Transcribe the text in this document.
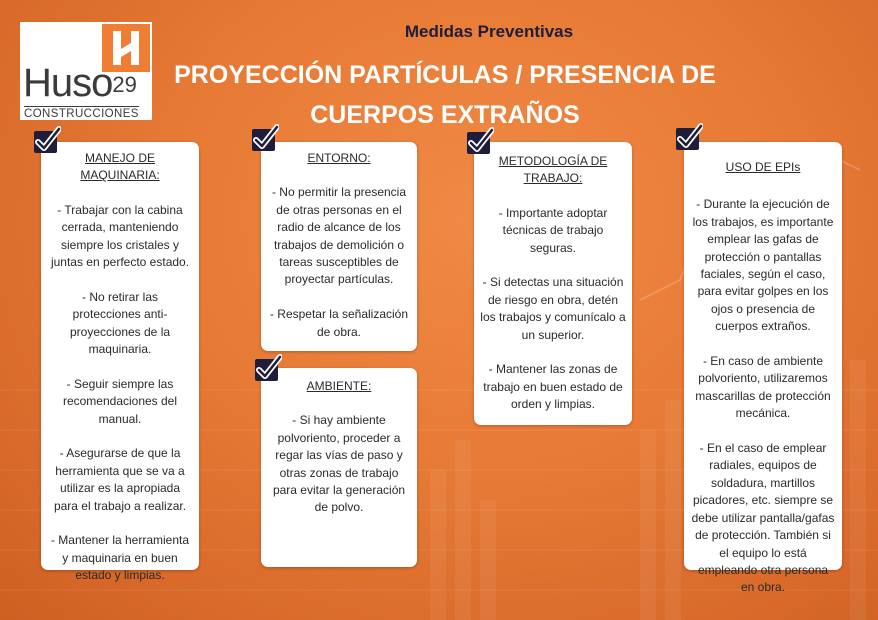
Huso29
CONSTRUCCIONES
Medidas Preventivas
PROYECCIÓN PARTÍCULAS / PRESENCIA DE
CUERPOS EXTRAÑOS
MANEJO DE
MAQUINARIA:

- Trabajar con la cabina cerrada, manteniendo siempre los cristales y juntas en perfecto estado.

- No retirar las protecciones anti-proyecciones de la maquinaria.

- Seguir siempre las recomendaciones del manual.

- Asegurarse de que la herramienta que se va a utilizar es la apropiada para el trabajo a realizar.

- Mantener la herramienta y maquinaria en buen estado y limpias.

ENTORNO:

- No permitir la presencia de otras personas en el radio de alcance de los trabajos de demolición o tareas susceptibles de proyectar partículas.

- Respetar la señalización de obra.

AMBIENTE:

- Si hay ambiente polvoriento, proceder a regar las vías de paso y otras zonas de trabajo para evitar la generación de polvo.

METODOLOGÍA DE
TRABAJO:

- Importante adoptar técnicas de trabajo seguras.

- Si detectas una situación de riesgo en obra, detén los trabajos y comunícalo a un superior.

- Mantener las zonas de trabajo en buen estado de orden y limpias.

USO DE EPIs

- Durante la ejecución de los trabajos, es importante emplear las gafas de protección o pantallas faciales, según el caso, para evitar golpes en los ojos o presencia de cuerpos extraños.

- En caso de ambiente polvoriento, utilizaremos mascarillas de protección mecánica.

- En el caso de emplear radiales, equipos de soldadura, martillos picadores, etc. siempre se debe utilizar pantalla/gafas de protección. También si el equipo lo está empleando otra persona en obra.
